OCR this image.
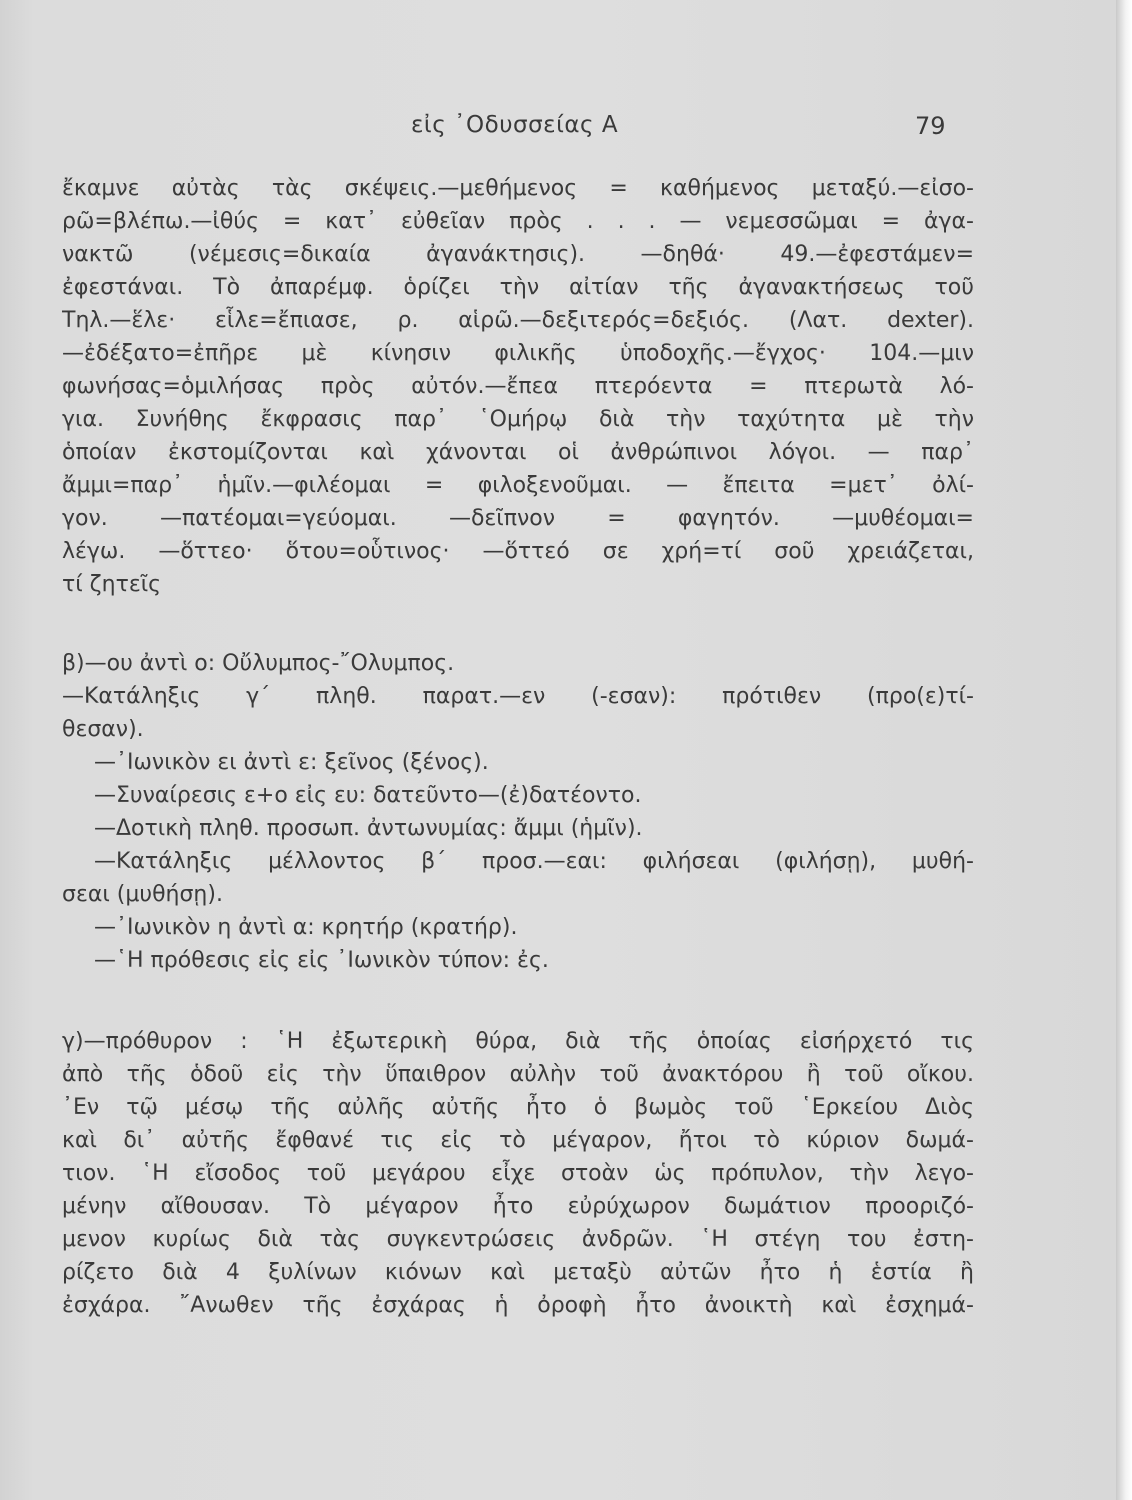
εἰς ᾿Οδυσσείας Α	79
ἔκαμνε αὐτὰς τὰς σκέψεις.—μεθήμενος = καθήμενος μεταξύ.—εἰσο-
ρῶ=βλέπω.—ἰθύς = κατ᾽ εὐθεῖαν πρὸς . . . — νεμεσσῶμαι = ἀγα-
νακτῶ (νέμεσις=δικαία ἀγανάκτησις). —δηθά· 49.—ἐφεστάμεν=
ἐφεστάναι. Τὸ ἀπαρέμφ. ὁρίζει τὴν αἰτίαν τῆς ἀγανακτήσεως τοῦ
Τηλ.—ἕλε· εἷλε=ἔπιασε, ρ. αἱρῶ.—δεξιτερός=δεξιός. (Λατ. dexter).
—ἐδέξατο=ἐπῆρε μὲ κίνησιν φιλικῆς ὑποδοχῆς.—ἔγχος· 104.—μιν
φωνήσας=ὁμιλήσας πρὸς αὐτόν.—ἔπεα πτερόεντα = πτερωτὰ λό-
για. Συνήθης ἔκφρασις παρ᾽ ῾Ομήρῳ διὰ τὴν ταχύτητα μὲ τὴν
ὁποίαν ἐκστομίζονται καὶ χάνονται οἱ ἀνθρώπινοι λόγοι. — παρ᾽
ἄμμι=παρ᾽ ἡμῖν.—φιλέομαι = φιλοξενοῦμαι. — ἔπειτα =μετ᾽ ὀλί-
γον. —πατέομαι=γεύομαι. —δεῖπνον = φαγητόν. —μυθέομαι=
λέγω. —ὅττεο· ὅτου=οὗτινος· —ὅττεό σε χρή=τί σοῦ χρειάζεται,
τί ζητεῖς
β)—ου ἀντὶ ο: Οὔλυμπος-῎Ολυμπος.
—Κατάληξις γ΄ πληθ. παρατ.—εν (-εσαν): πρότιθεν (προ(ε)τί-
θεσαν).
—᾿Ιωνικὸν ει ἀντὶ ε: ξεῖνος (ξένος).
—Συναίρεσις ε+ο εἰς ευ: δατεῦντο—(ἐ)δατέοντο.
—Δοτικὴ πληθ. προσωπ. ἀντωνυμίας: ἄμμι (ἡμῖν).
—Κατάληξις μέλλοντος β΄ προσ.—εαι: φιλήσεαι (φιλήσῃ), μυθή-
σεαι (μυθήσῃ).
—᾿Ιωνικὸν η ἀντὶ α: κρητήρ (κρατήρ).
—῾Η πρόθεσις εἰς εἰς ᾿Ιωνικὸν τύπον: ἐς.
γ)—πρόθυρον : ῾Η ἐξωτερικὴ θύρα, διὰ τῆς ὁποίας εἰσήρχετό τις
ἀπὸ τῆς ὁδοῦ εἰς τὴν ὕπαιθρον αὐλὴν τοῦ ἀνακτόρου ἢ τοῦ οἴκου.
᾿Εν τῷ μέσῳ τῆς αὐλῆς αὐτῆς ἦτο ὁ βωμὸς τοῦ ῾Ερκείου Διὸς
καὶ δι᾽ αὐτῆς ἔφθανέ τις εἰς τὸ μέγαρον, ἤτοι τὸ κύριον δωμά-
τιον. ῾Η εἴσοδος τοῦ μεγάρου εἶχε στοὰν ὡς πρόπυλον, τὴν λεγο-
μένην αἴθουσαν. Τὸ μέγαρον ἦτο εὐρύχωρον δωμάτιον προοριζό-
μενον κυρίως διὰ τὰς συγκεντρώσεις ἀνδρῶν. ῾Η στέγη του ἐστη-
ρίζετο διὰ 4 ξυλίνων κιόνων καὶ μεταξὺ αὐτῶν ἦτο ἡ ἑστία ἢ
ἐσχάρα. ῎Ανωθεν τῆς ἐσχάρας ἡ ὀροφὴ ἦτο ἀνοικτὴ καὶ ἐσχημά-
